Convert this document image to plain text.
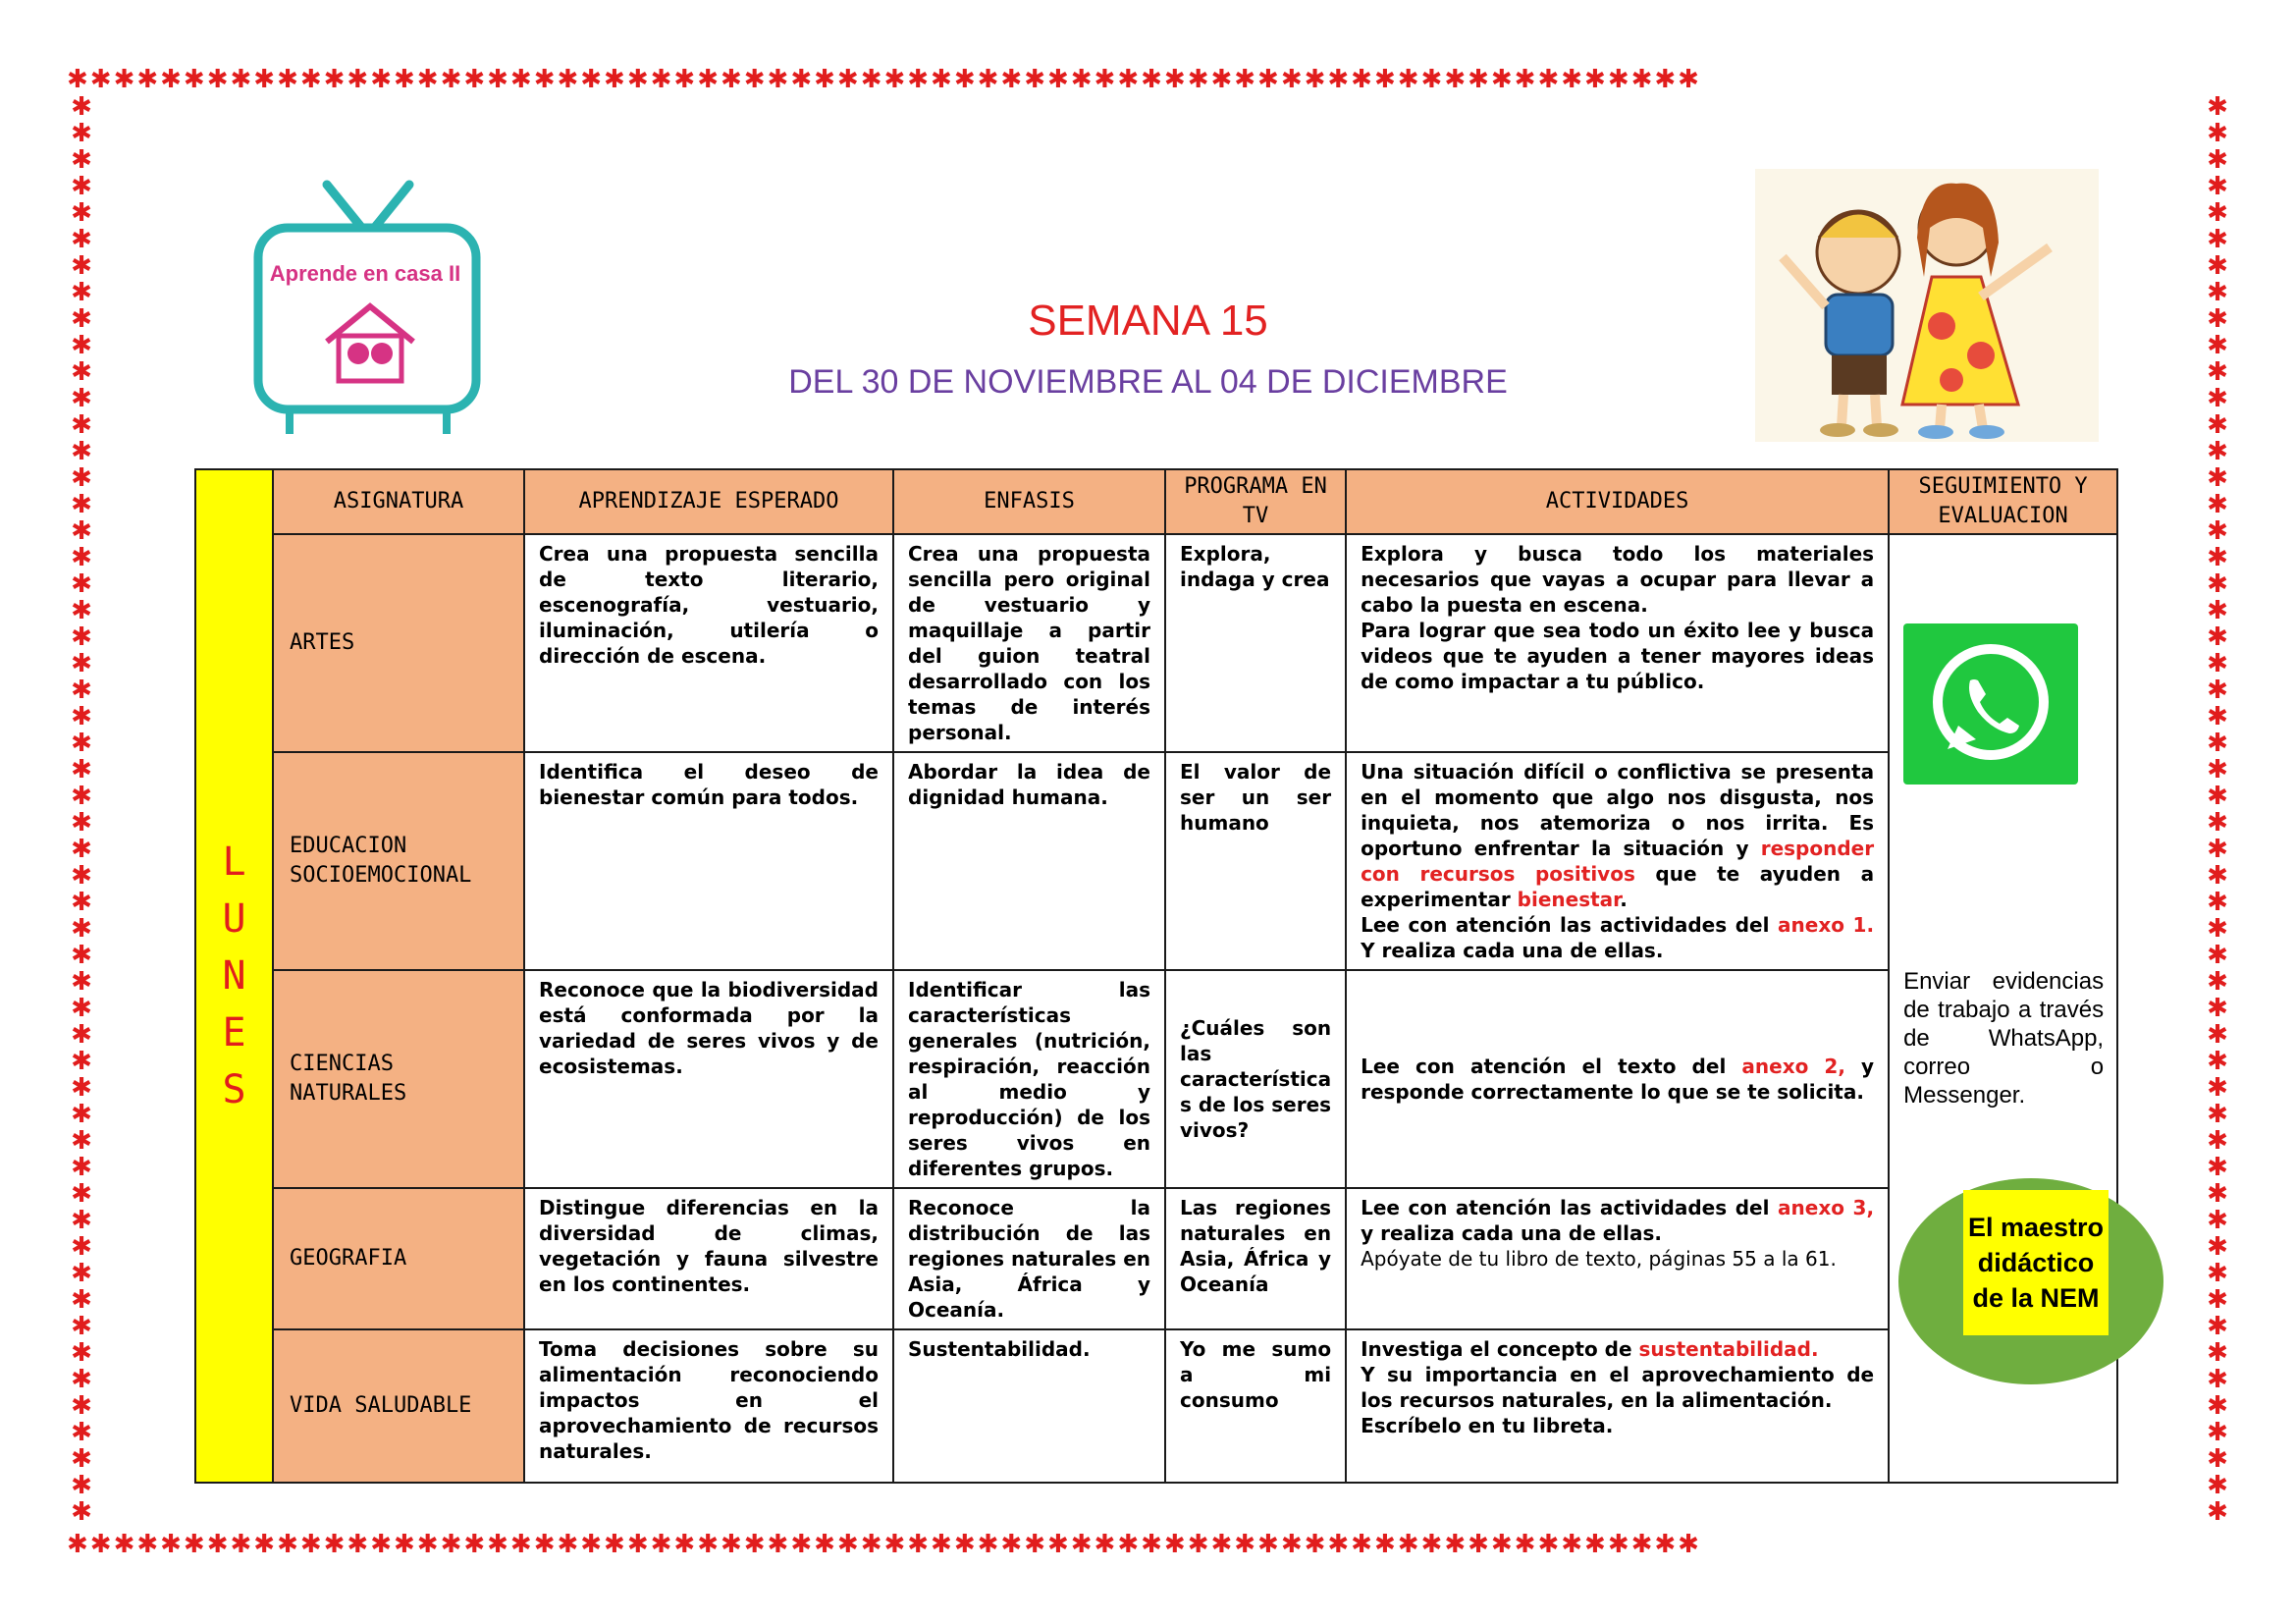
✱✱✱✱✱✱✱✱✱✱✱✱✱✱✱✱✱✱✱✱✱✱✱✱✱✱✱✱✱✱✱✱✱✱✱✱✱✱✱✱✱✱✱✱✱✱✱✱✱✱✱✱✱✱✱✱✱✱✱✱✱✱✱✱✱✱✱✱✱✱
✱
✱
✱
✱
✱
✱
✱
✱
✱
✱
✱
✱
✱
✱
✱
✱
✱
✱
✱
✱
✱
✱
✱
✱
✱
✱
✱
✱
✱
✱
✱
✱
✱
✱
✱
✱
✱
✱
✱
✱
✱
✱
✱
✱
✱
✱
✱
✱
✱
✱
✱
✱
✱
✱
✱
✱
✱
✱
✱
✱
✱
✱
✱
✱
✱
✱
✱
✱
✱
✱
✱
✱
✱
✱
✱
✱
✱
✱
✱
✱
✱
✱
✱
✱
✱
✱
✱
✱
✱
✱
✱
✱
✱
✱
✱
✱
✱
✱
✱
✱
✱
✱
✱
✱
✱
✱
✱
✱
✱✱✱✱✱✱✱✱✱✱✱✱✱✱✱✱✱✱✱✱✱✱✱✱✱✱✱✱✱✱✱✱✱✱✱✱✱✱✱✱✱✱✱✱✱✱✱✱✱✱✱✱✱✱✱✱✱✱✱✱✱✱✱✱✱✱✱✱✱✱
Aprende en casa II
SEMANA 15
DEL 30 DE NOVIEMBRE AL 04 DE DICIEMBRE
L
U
N
E
S	ASIGNATURA	APRENDIZAJE ESPERADO	ENFASIS	PROGRAMA EN TV	ACTIVIDADES	SEGUIMIENTO Y EVALUACION
	ARTES	Crea una propuesta sencilla de texto literario, escenografía, vestuario, iluminación, utilería o dirección de escena.	Crea una propuesta sencilla pero original de vestuario y maquillaje a partir del guion teatral desarrollado con los temas de interés personal.	Explora, indaga y crea	Explora y busca todo los materiales necesarios que vayas a ocupar para llevar a cabo la puesta en escena.
Para lograr que sea todo un éxito lee y busca videos que te ayuden a tener mayores ideas de como impactar a tu público.	Enviar evidencias de trabajo a través de WhatsApp, correo o Messenger.

	EDUCACION SOCIOEMOCIONAL	Identifica el deseo de bienestar común para todos.	Abordar la idea de dignidad humana.	El valor de ser un ser humano	Una situación difícil o conflictiva se presenta en el momento que algo nos disgusta, nos inquieta, nos atemoriza o nos irrita. Es oportuno enfrentar la situación y responder con recursos positivos que te ayuden a experimentar bienestar.
Lee con atención las actividades del anexo 1. Y realiza cada una de ellas.	

	CIENCIAS NATURALES	Reconoce que la biodiversidad está conformada por la variedad de seres vivos y de ecosistemas.	Identificar las características generales (nutrición, respiración, reacción al medio y reproducción) de los seres vivos en diferentes grupos.	¿Cuáles son las característica s de los seres vivos?	Lee con atención el texto del anexo 2, y responde correctamente lo que se te solicita.	

	GEOGRAFIA	Distingue diferencias en la diversidad de climas, vegetación y fauna silvestre en los continentes.	Reconoce la distribución de las regiones naturales en Asia, África y Oceanía.	Las regiones naturales en Asia, África y Oceanía	Lee con atención las actividades del anexo 3, y realiza cada una de ellas.
Apóyate de tu libro de texto, páginas 55 a la 61.	

	VIDA SALUDABLE	Toma decisiones sobre su alimentación reconociendo impactos en el aprovechamiento de recursos naturales.	Sustentabilidad.	Yo me sumo a mi consumo	Investiga el concepto de sustentabilidad.
Y su importancia en el aprovechamiento de los recursos naturales, en la alimentación.
Escríbelo en tu libreta.	
El maestro didáctico de la NEM
